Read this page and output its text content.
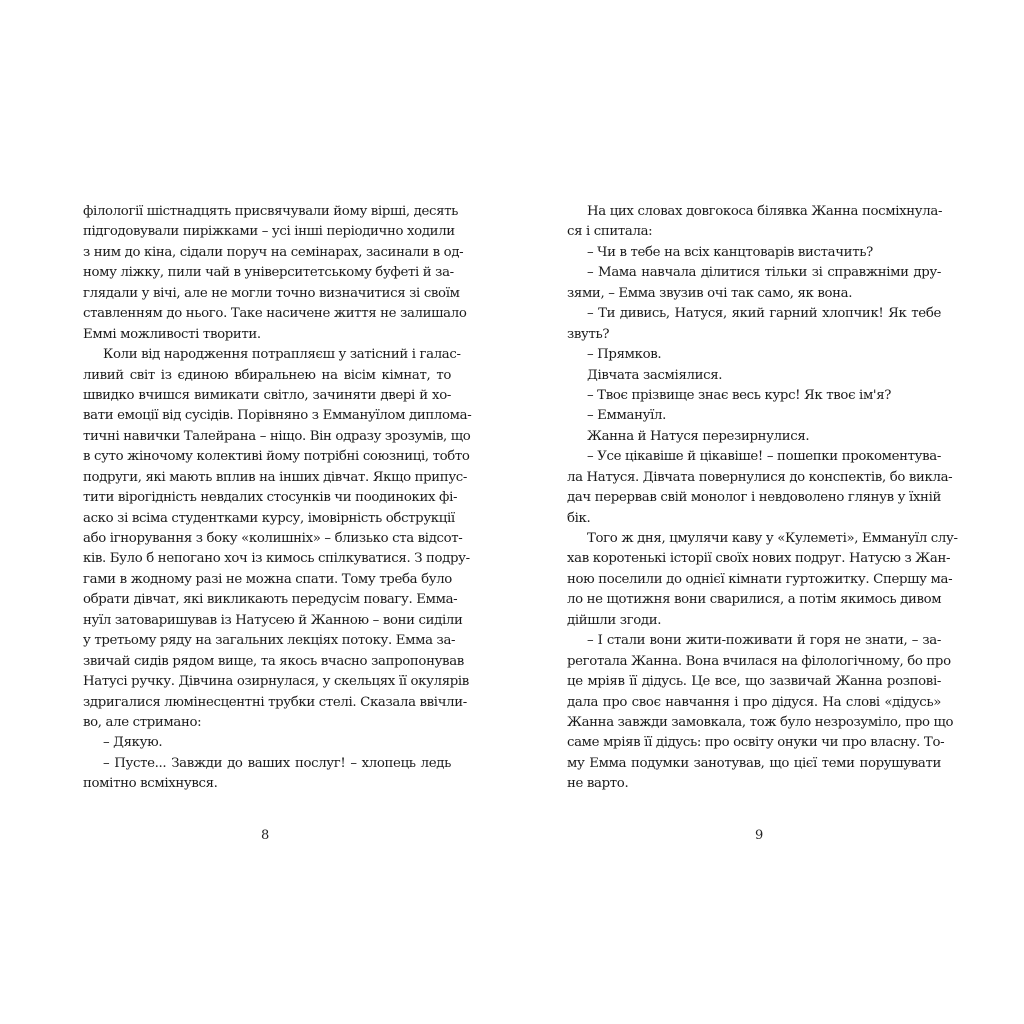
філології шістнадцять присвячували йому вірші, десять
підгодовували пиріжками – усі інші періодично ходили
з ним до кіна, сідали поруч на семінарах, засинали в од-
ному ліжку, пили чай в університетському буфеті й за-
глядали у вічі, але не могли точно визначитися зі своїм
ставленням до нього. Таке насичене життя не залишало
Еммі можливості творити.
Коли від народження потрапляєш у затісний і галас-
ливий світ із єдиною вбиральнею на вісім кімнат, то
швидко вчишся вимикати світло, зачиняти двері й хо-
вати емоції від сусідів. Порівняно з Еммануїлом диплома-
тичні навички Талейрана – ніщо. Він одразу зрозумів, що
в суто жіночому колективі йому потрібні союзниці, тобто
подруги, які мають вплив на інших дівчат. Якщо припус-
тити вірогідність невдалих стосунків чи поодиноких фі-
аско зі всіма студентками курсу, імовірність обструкції
або ігнорування з боку «колишніх» – близько ста відсот-
ків. Було б непогано хоч із кимось спілкуватися. З подру-
гами в жодному разі не можна спати. Тому треба було
обрати дівчат, які викликають передусім повагу. Емма-
нуїл затоваришував із Натусею й Жанною – вони сиділи
у третьому ряду на загальних лекціях потоку. Емма за-
звичай сидів рядом вище, та якось вчасно запропонував
Натусі ручку. Дівчина озирнулася, у скельцях її окулярів
здригалися люмінесцентні трубки стелі. Сказала ввічли-
во, але стримано:
– Дякую.
– Пусте... Завжди до ваших послуг! – хлопець ледь
помітно всміхнувся.
На цих словах довгокоса білявка Жанна посміхнула-
ся і спитала:
– Чи в тебе на всіх канцтоварів вистачить?
– Мама навчала ділитися тільки зі справжніми дру-
зями, – Емма звузив очі так само, як вона.
– Ти дивись, Натуся, який гарний хлопчик! Як тебе
звуть?
– Прямков.
Дівчата засміялися.
– Твоє прізвище знає весь курс! Як твоє ім'я?
– Еммануїл.
Жанна й Натуся перезирнулися.
– Усе цікавіше й цікавіше! – пошепки прокоментува-
ла Натуся. Дівчата повернулися до конспектів, бо викла-
дач перервав свій монолог і невдоволено глянув у їхній
бік.
Того ж дня, цмулячи каву у «Кулеметі», Еммануїл слу-
хав коротенькі історії своїх нових подруг. Натусю з Жан-
ною поселили до однієї кімнати гуртожитку. Спершу ма-
ло не щотижня вони сварилися, а потім якимось дивом
дійшли згоди.
– І стали вони жити-поживати й горя не знати, – за-
реготала Жанна. Вона вчилася на філологічному, бо про
це мріяв її дідусь. Це все, що зазвичай Жанна розпові-
дала про своє навчання і про дідуся. На слові «дідусь»
Жанна завжди замовкала, тож було незрозуміло, про що
саме мріяв її дідусь: про освіту онуки чи про власну. То-
му Емма подумки занотував, що цієї теми порушувати
не варто.
8	9
